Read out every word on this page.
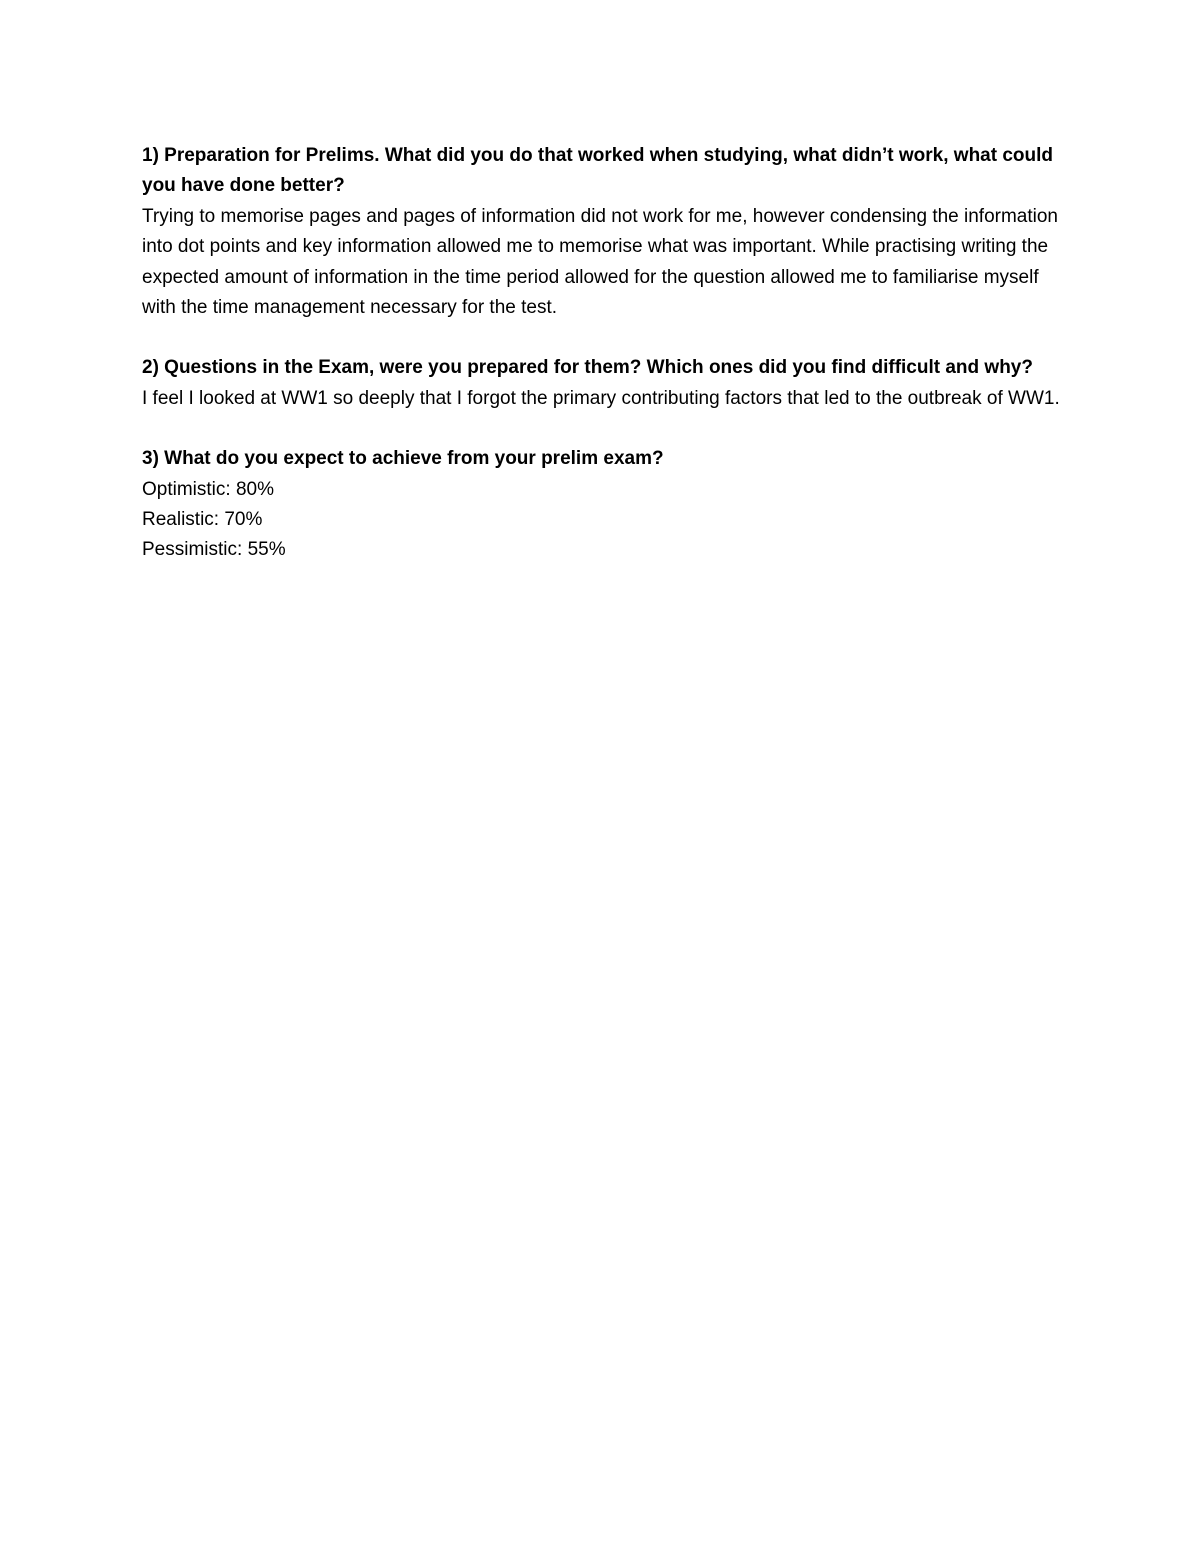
1) Preparation for Prelims. What did you do that worked when studying, what didn’t work, what could you have done better?

Trying to memorise pages and pages of information did not work for me, however condensing the information into dot points and key information allowed me to memorise what was important. While practising writing the expected amount of information in the time period allowed for the question allowed me to familiarise myself with the time management necessary for the test.

2) Questions in the Exam, were you prepared for them? Which ones did you find difficult and why?

I feel I looked at WW1 so deeply that I forgot the primary contributing factors that led to the outbreak of WW1.

3) What do you expect to achieve from your prelim exam?

Optimistic: 80%
Realistic: 70%
Pessimistic: 55%
